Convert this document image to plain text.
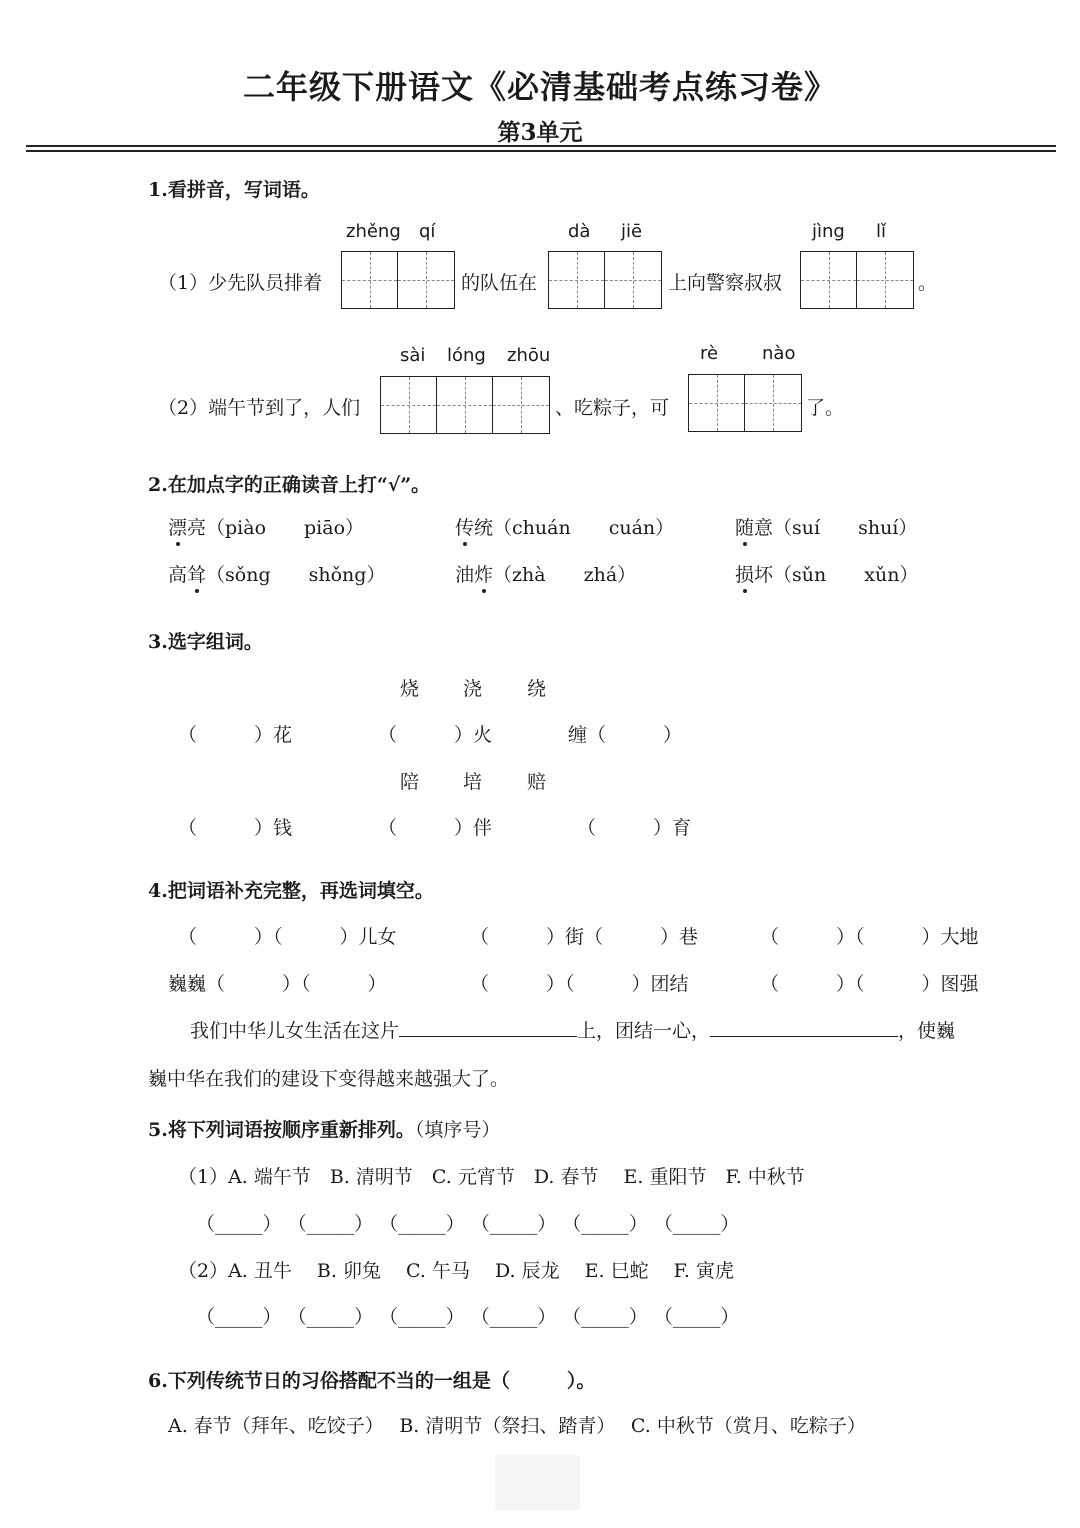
二年级下册语文《必清基础考点练习卷》
第3单元
1.看拼音，写词语。
zhěng qí	dà jiē	jìng lǐ
（1）少先队员排着	的队伍在	上向警察叔叔	。
sài lóng zhōu	rè nào
（2）端午节到了，人们	、吃粽子，可	了。
2.在加点字的正确读音上打“√”。
漂亮（piào　　piāo）	传统（chuán　　cuán）	随意（suí　　shuí）
高耸（sǒng　　shǒng）	油炸（zhà　　zhá）	损坏（sǔn　　xǔn）
3.选字组词。
烧 浇 绕
（　　　）花	（　　　）火	缠（　　　）
陪 培 赔
（　　　）钱	（　　　）伴	（　　　）育
4.把词语补充完整，再选词填空。
（　　　）（　　　）儿女	（　　　）街（　　　）巷	（　　　）（　　　）大地
巍巍（　　　）（　　　）	（　　　）（　　　）团结	（　　　）（　　　）图强
我们中华儿女生活在这片	上，团结一心，	，使巍
巍中华在我们的建设下变得越来越强大了。
5.将下列词语按顺序重新排列。（填序号）
（1）A. 端午节　B. 清明节　C. 元宵节　D. 春节　 E. 重阳节　F. 中秋节
（_____） （_____） （_____） （_____） （_____） （_____）
（2）A. 丑牛　 B. 卯兔　 C. 午马　 D. 辰龙　 E. 巳蛇　 F. 寅虎
（_____） （_____） （_____） （_____） （_____） （_____）
6.下列传统节日的习俗搭配不当的一组是（　　　）。
A. 春节（拜年、吃饺子）　 B. 清明节（祭扫、踏青）　 C. 中秋节（赏月、吃粽子）
